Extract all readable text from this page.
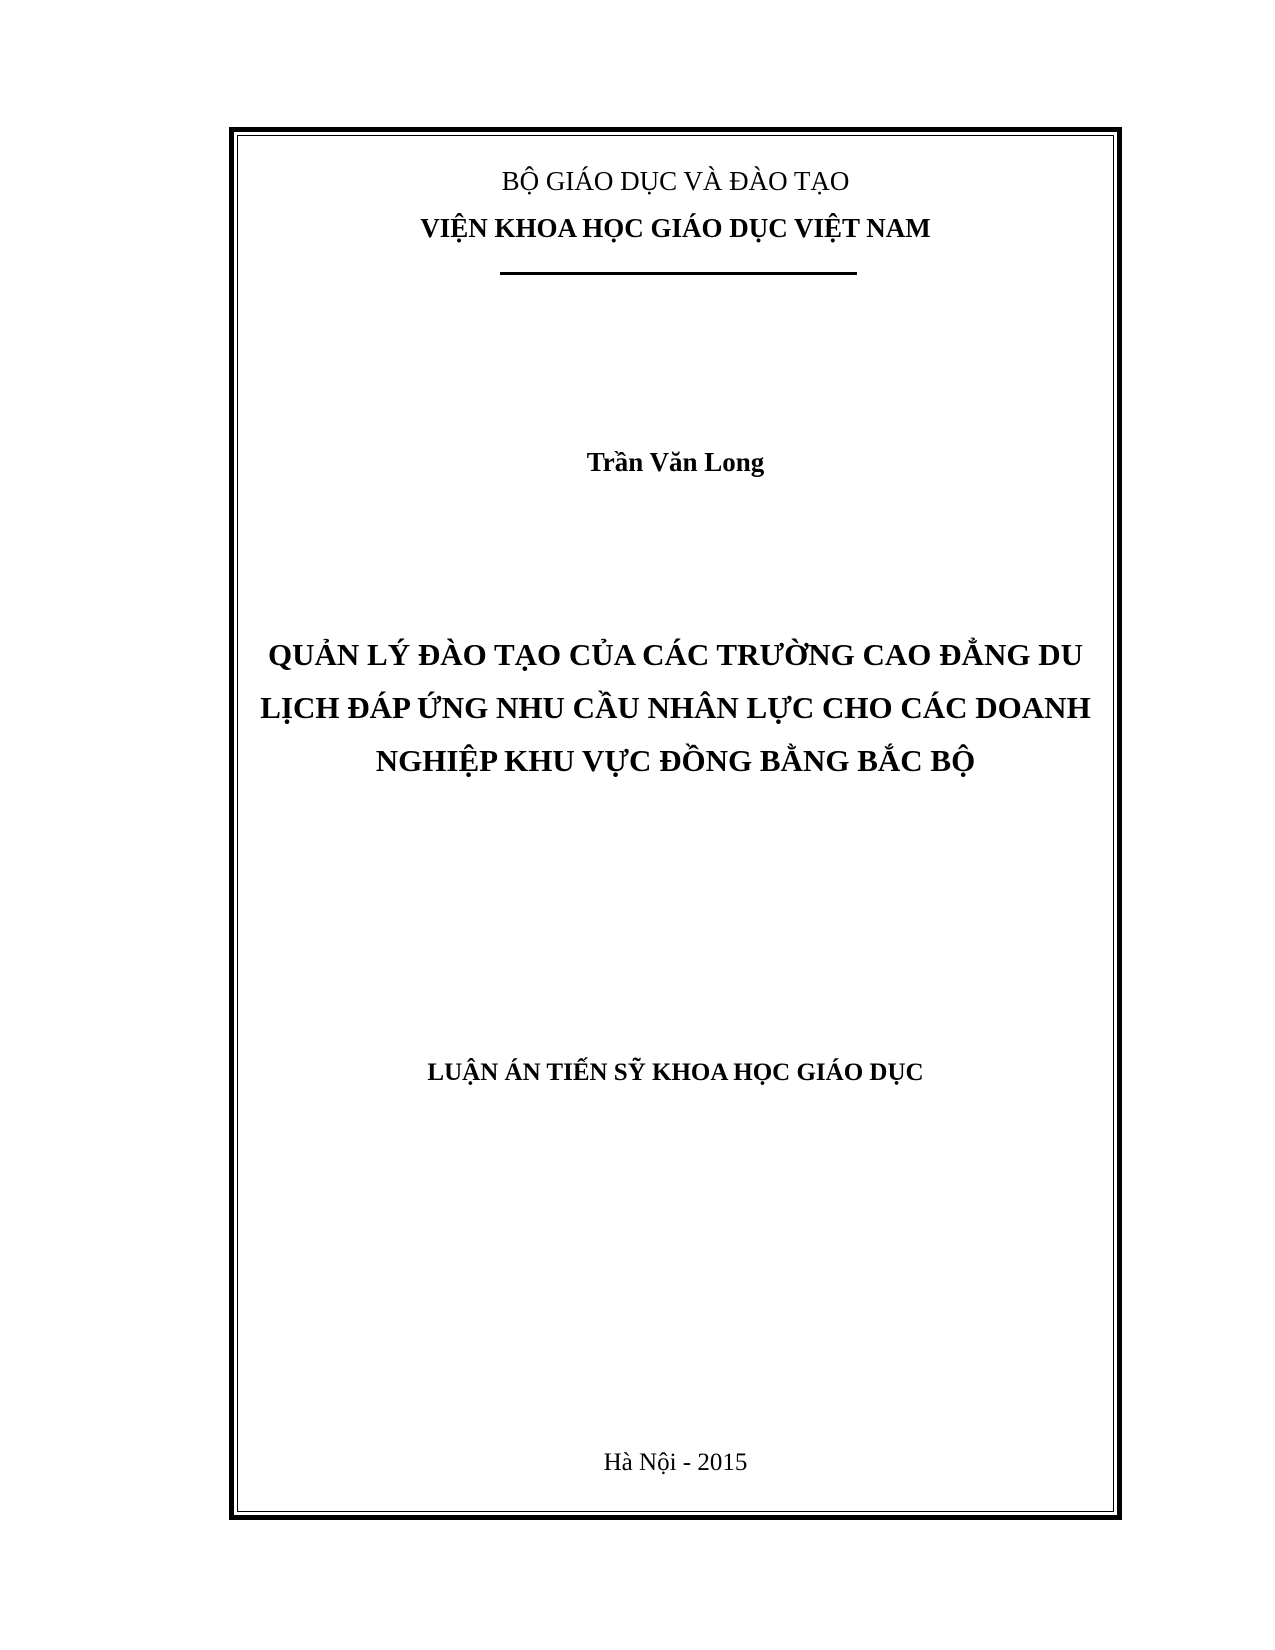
BỘ GIÁO DỤC VÀ ĐÀO TẠO
VIỆN KHOA HỌC GIÁO DỤC VIỆT NAM
Trần Văn Long
QUẢN LÝ ĐÀO TẠO CỦA CÁC TRƯỜNG CAO ĐẲNG DU
LỊCH ĐÁP ỨNG NHU CẦU NHÂN LỰC CHO CÁC DOANH
NGHIỆP KHU VỰC ĐỒNG BẰNG BẮC BỘ
LUẬN ÁN TIẾN SỸ KHOA HỌC GIÁO DỤC
Hà Nội - 2015
